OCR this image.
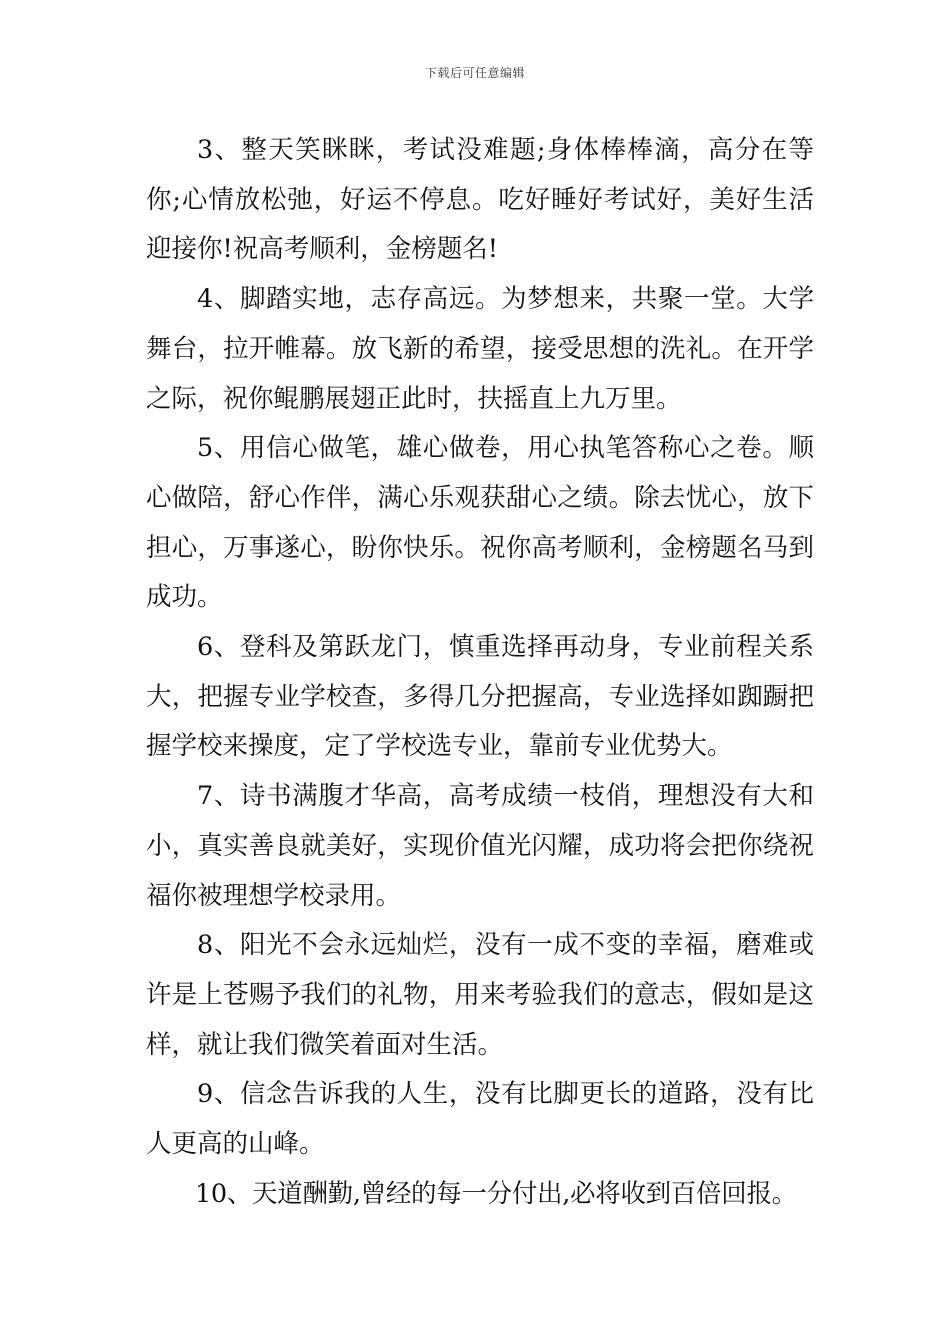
下载后可任意编辑

3、整天笑眯眯，考试没难题;身体棒棒滴，高分在等你;心情放松弛，好运不停息。吃好睡好考试好，美好生活迎接你!祝高考顺利，金榜题名!

4、脚踏实地，志存高远。为梦想来，共聚一堂。大学舞台，拉开帷幕。放飞新的希望，接受思想的洗礼。在开学之际，祝你鲲鹏展翅正此时，扶摇直上九万里。

5、用信心做笔，雄心做卷，用心执笔答称心之卷。顺心做陪，舒心作伴，满心乐观获甜心之绩。除去忧心，放下担心，万事遂心，盼你快乐。祝你高考顺利，金榜题名马到成功。

6、登科及第跃龙门，慎重选择再动身，专业前程关系大，把握专业学校查，多得几分把握高，专业选择如踟蹰把握学校来操度，定了学校选专业，靠前专业优势大。

7、诗书满腹才华高，高考成绩一枝俏，理想没有大和小，真实善良就美好，实现价值光闪耀，成功将会把你绕祝福你被理想学校录用。

8、阳光不会永远灿烂，没有一成不变的幸福，磨难或许是上苍赐予我们的礼物，用来考验我们的意志，假如是这样，就让我们微笑着面对生活。

9、信念告诉我的人生，没有比脚更长的道路，没有比人更高的山峰。

10、天道酬勤,曾经的每一分付出,必将收到百倍回报。
